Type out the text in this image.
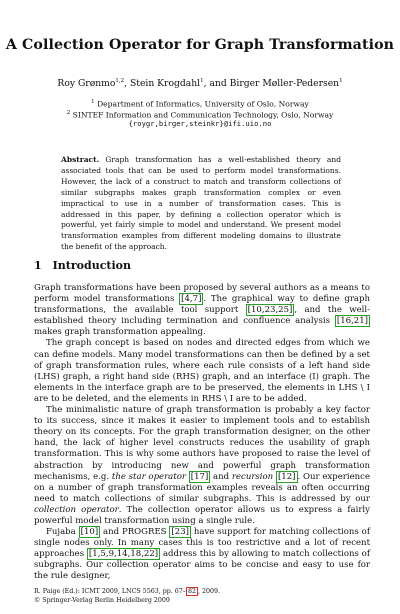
A Collection Operator for Graph Transformation
Roy Grønmo$^{1,2}$, Stein Krogdahl$^1$, and Birger Møller-Pedersen$^1$
$^1$ Department of Informatics, University of Oslo, Norway
$^2$ SINTEF Information and Communication Technology, Oslo, Norway
{roygr,birger,steinkr}@ifi.uio.no
Abstract. Graph transformation has a well-established theory and associated tools that can be used to perform model transformations. However, the lack of a construct to match and transform collections of similar subgraphs makes graph transformation complex or even impractical to use in a number of transformation cases. This is addressed in this paper, by defining a collection operator which is powerful, yet fairly simple to model and understand. We present model transformation examples from different modeling domains to illustrate the benefit of the approach.
1 Introduction

Graph transformations have been proposed by several authors as a means to perform model transformations [4,7] . The graphical way to define graph transformations, the available tool support [10,23,25] , and the well-established theory including termination and confluence analysis [16,21] makes graph transformation appealing.

The graph concept is based on nodes and directed edges from which we can define models. Many model transformations can then be defined by a set of graph transformation rules, where each rule consists of a left hand side (LHS) graph, a right hand side (RHS) graph, and an interface (I) graph. The elements in the interface graph are to be preserved, the elements in LHS \ I are to be deleted, and the elements in RHS \ I are to be added.

The minimalistic nature of graph transformation is probably a key factor to its success, since it makes it easier to implement tools and to establish theory on its concepts. For the graph transformation designer, on the other hand, the lack of higher level constructs reduces the usability of graph transformation. This is why some authors have proposed to raise the level of abstraction by introducing new and powerful graph transformation mechanisms, e.g. the star operator [17] and recursion [12] . Our experience on a number of graph transformation examples reveals an often occurring need to match collections of similar subgraphs. This is addressed by our collection operator. The collection operator allows us to express a fairly powerful model transformation using a single rule.

Fujaba [10] and PROGRES [23] have support for matching collections of single nodes only. In many cases this is too restrictive and a lot of recent approaches [1,5,9,14,18,22] address this by allowing to match collections of subgraphs. Our collection operator aims to be concise and easy to use for the rule designer,

R. Paige (Ed.): ICMT 2009, LNCS 5563, pp. 67– 82 , 2009.
© Springer-Verlag Berlin Heidelberg 2009
